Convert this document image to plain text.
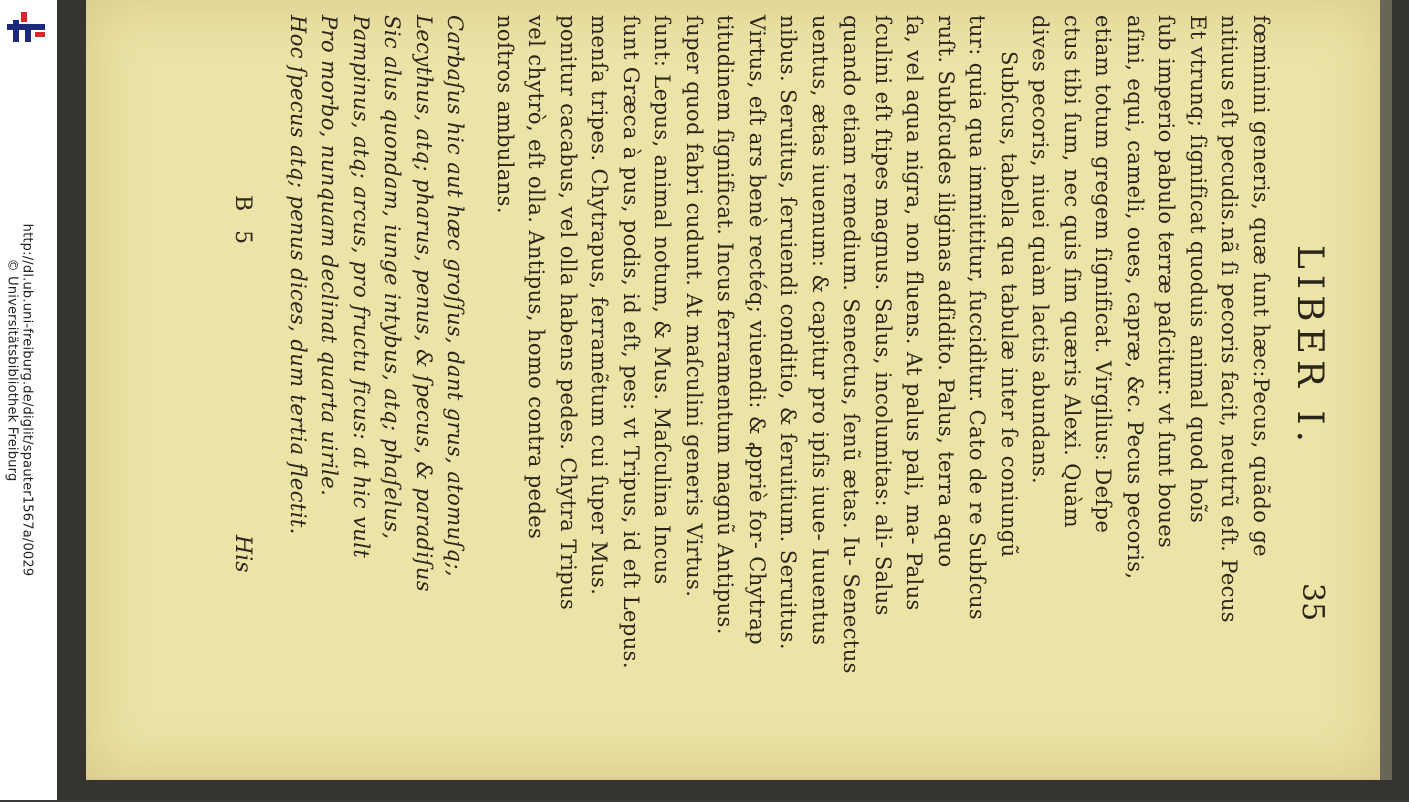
http://dl.ub.uni-freiburg.de/diglit/spauter1567a/0029
© Universitätsbibliothek Freiburg	LIBER I.
35
fœminini generis, quæ ſunt hæc:Pecus, quãdo ge
nitiuus eſt pecudis.nã ſi pecoris facit, neutrũ eſt. Pecus
Et vtrunq; ſignificat quoduis animal quod hoĩs
ſub imperio pabulo terræ paſcitur: vt ſunt boues
aſini, equi, cameli, oues, capræ, &c. Pecus pecoris,
etiam totum gregem ſignificat. Virgilius: Deſpe
ctus tibi ſum, nec quis ſim quæris Alexi. Quàm
dives pecoris, niuei quàm lactis abundans.
Subſcus, tabella qua tabulæ inter ſe coniungũ
tur: quia qua immittitur, ſuccidìtur. Cato de re Subſcus
ruſt. Subſcudes iliginas adſidito. Palus, terra aquo
ſa, vel aqua nigra, non fluens. At palus pali, ma- Palus
ſculini eſt ſtipes magnus. Salus, incolumitas: ali- Salus
quando etiam remedium. Senectus, ſenũ ætas. Iu- Senectus
uentus, ætas iuuenum: & capitur pro ipſis iuue- Iuuentus
nibus. Seruitus, ſeruiendi conditio, & ſeruitium. Seruitus.
Virtus, eſt ars benè rectéq; viuendi: & ꝓpriè for- Chytrap
titudinem ſignificat. Incus ferramentum magnũ Antipus.
ſuper quod fabri cudunt. At maſculini generis Virtus.
ſunt: Lepus, animal notum, & Mus. Maſculina Incus
ſunt Græca à pus, podis, id eſt, pes: vt Tripus, id eſt Lepus.
menſa tripes. Chytrapus, ferramẽtum cui ſuper Mus.
ponitur cacabus, vel olla habens pedes. Chytra Tripus
vel chytrò, eſt olla. Antipus, homo contra pedes
noſtros ambulans.
Carbaſus hic aut hæc groſſus, dant grus, atomuſq;,
Lecythus, atq; pharus, penus, & ſpecus, & paradiſus
Sic alus quondam, iunge intybus, atq; phaſelus,
Pampinus, atq; arcus, pro fructu ficus: at hic vult
Pro morbo, nunquam declinat quarta uirile.
Hoc ſpecus atq; penus dices, dum tertia flectit.
B 5
His
